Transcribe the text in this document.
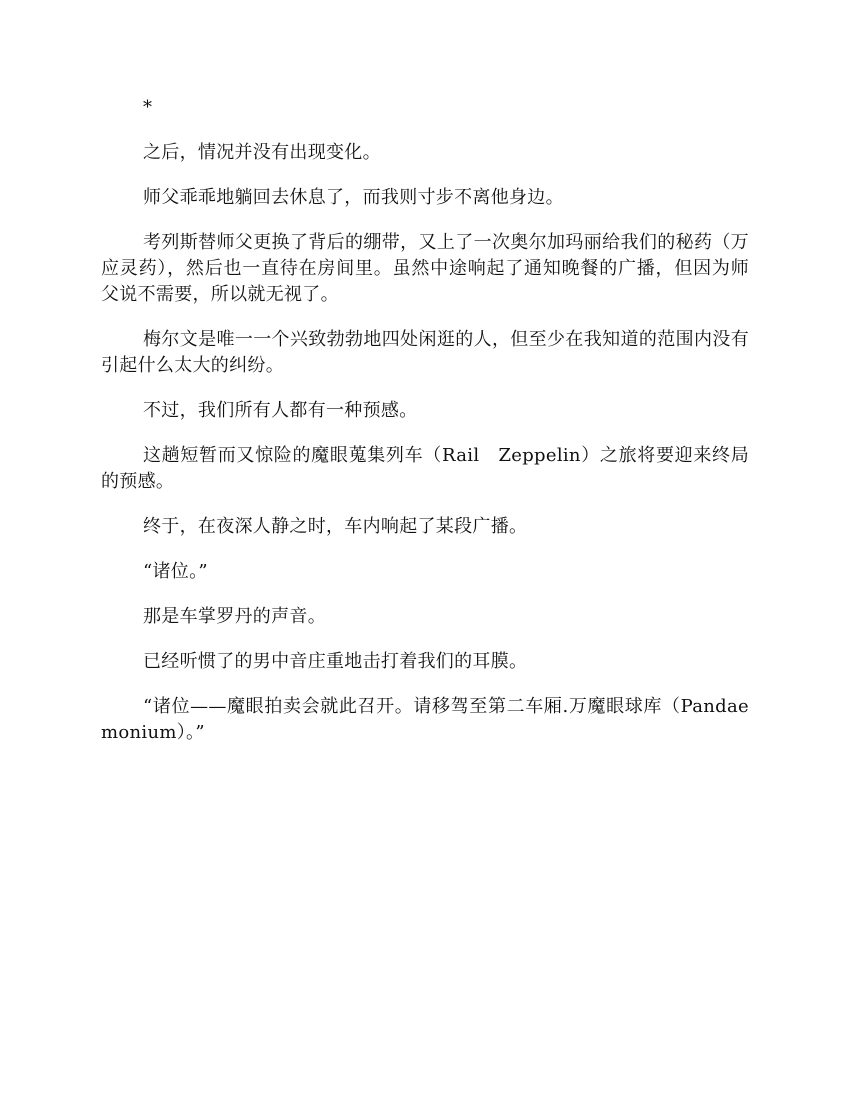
*

之后，情况并没有出现变化。

师父乖乖地躺回去休息了，而我则寸步不离他身边。

考列斯替师父更换了背后的绷带，又上了一次奥尔加玛丽给我们的秘药（万应灵药），然后也一直待在房间里。虽然中途响起了通知晚餐的广播，但因为师父说不需要，所以就无视了。

梅尔文是唯一一个兴致勃勃地四处闲逛的人，但至少在我知道的范围内没有引起什么太大的纠纷。

不过，我们所有人都有一种预感。

这趟短暂而又惊险的魔眼蒐集列车（Rail　Zeppelin）之旅将要迎来终局的预感。

终于，在夜深人静之时，车内响起了某段广播。

“诸位。”

那是车掌罗丹的声音。

已经听惯了的男中音庄重地击打着我们的耳膜。

“诸位——魔眼拍卖会就此召开。请移驾至第二车厢.万魔眼球库（Pandaemonium）。”
